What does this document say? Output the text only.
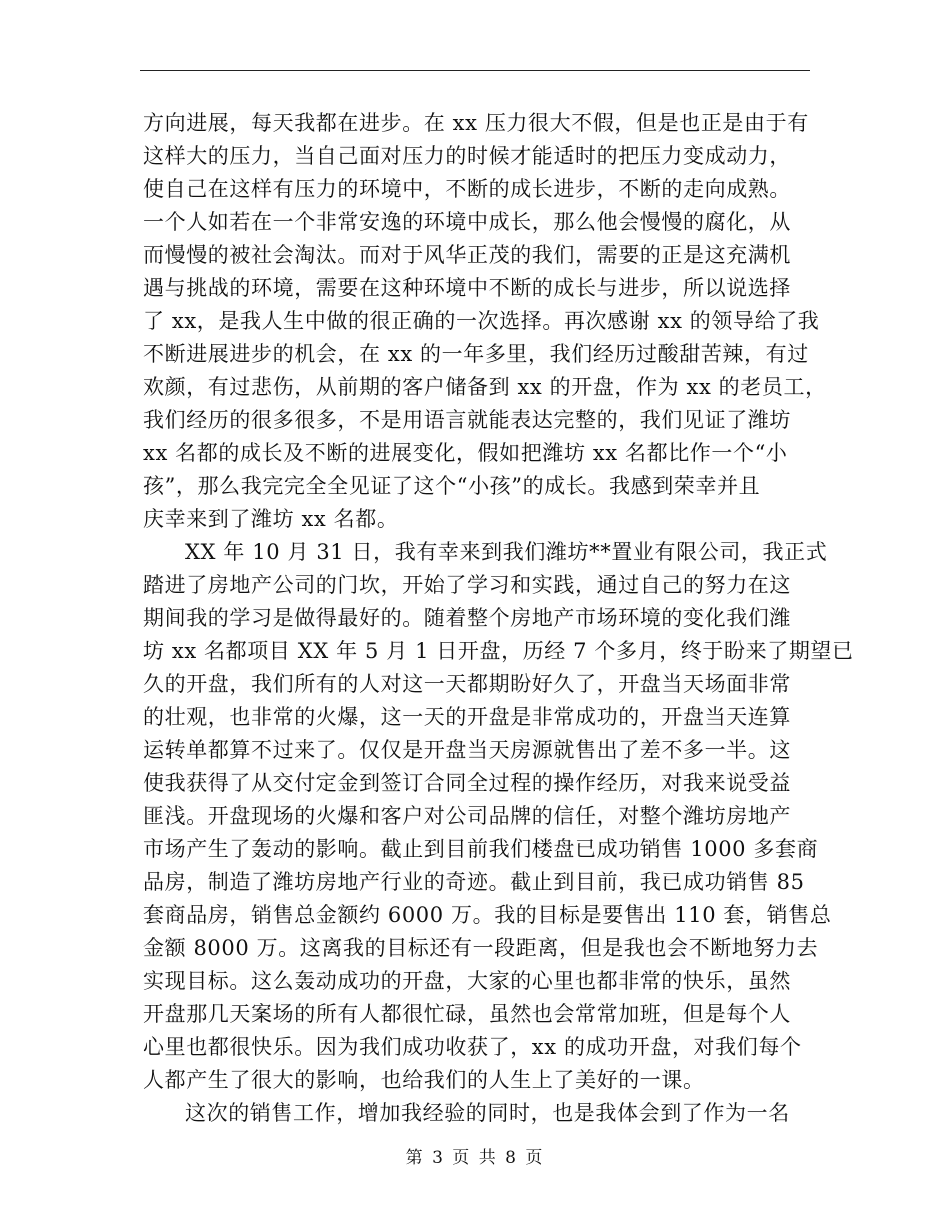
方向进展，每天我都在进步。在 xx 压力很大不假，但是也正是由于有
这样大的压力，当自己面对压力的时候才能适时的把压力变成动力，
使自己在这样有压力的环境中，不断的成长进步，不断的走向成熟。
一个人如若在一个非常安逸的环境中成长，那么他会慢慢的腐化，从
而慢慢的被社会淘汰。而对于风华正茂的我们，需要的正是这充满机
遇与挑战的环境，需要在这种环境中不断的成长与进步，所以说选择
了 xx，是我人生中做的很正确的一次选择。再次感谢 xx 的领导给了我
不断进展进步的机会，在 xx 的一年多里，我们经历过酸甜苦辣，有过
欢颜，有过悲伤，从前期的客户储备到 xx 的开盘，作为 xx 的老员工，
我们经历的很多很多，不是用语言就能表达完整的，我们见证了潍坊
xx 名都的成长及不断的进展变化，假如把潍坊 xx 名都比作一个“小
孩”，那么我完完全全见证了这个“小孩”的成长。我感到荣幸并且
庆幸来到了潍坊 xx 名都。
XX 年 10 月 31 日，我有幸来到我们潍坊**置业有限公司，我正式
踏进了房地产公司的门坎，开始了学习和实践，通过自己的努力在这
期间我的学习是做得最好的。随着整个房地产市场环境的变化我们潍
坊 xx 名都项目 XX 年 5 月 1 日开盘，历经 7 个多月，终于盼来了期望已
久的开盘，我们所有的人对这一天都期盼好久了，开盘当天场面非常
的壮观，也非常的火爆，这一天的开盘是非常成功的，开盘当天连算
运转单都算不过来了。仅仅是开盘当天房源就售出了差不多一半。这
使我获得了从交付定金到签订合同全过程的操作经历，对我来说受益
匪浅。开盘现场的火爆和客户对公司品牌的信任，对整个潍坊房地产
市场产生了轰动的影响。截止到目前我们楼盘已成功销售 1000 多套商
品房，制造了潍坊房地产行业的奇迹。截止到目前，我已成功销售 85
套商品房，销售总金额约 6000 万。我的目标是要售出 110 套，销售总
金额 8000 万。这离我的目标还有一段距离，但是我也会不断地努力去
实现目标。这么轰动成功的开盘，大家的心里也都非常的快乐，虽然
开盘那几天案场的所有人都很忙碌，虽然也会常常加班，但是每个人
心里也都很快乐。因为我们成功收获了，xx 的成功开盘，对我们每个
人都产生了很大的影响，也给我们的人生上了美好的一课。
这次的销售工作，增加我经验的同时，也是我体会到了作为一名
第 3 页 共 8 页
